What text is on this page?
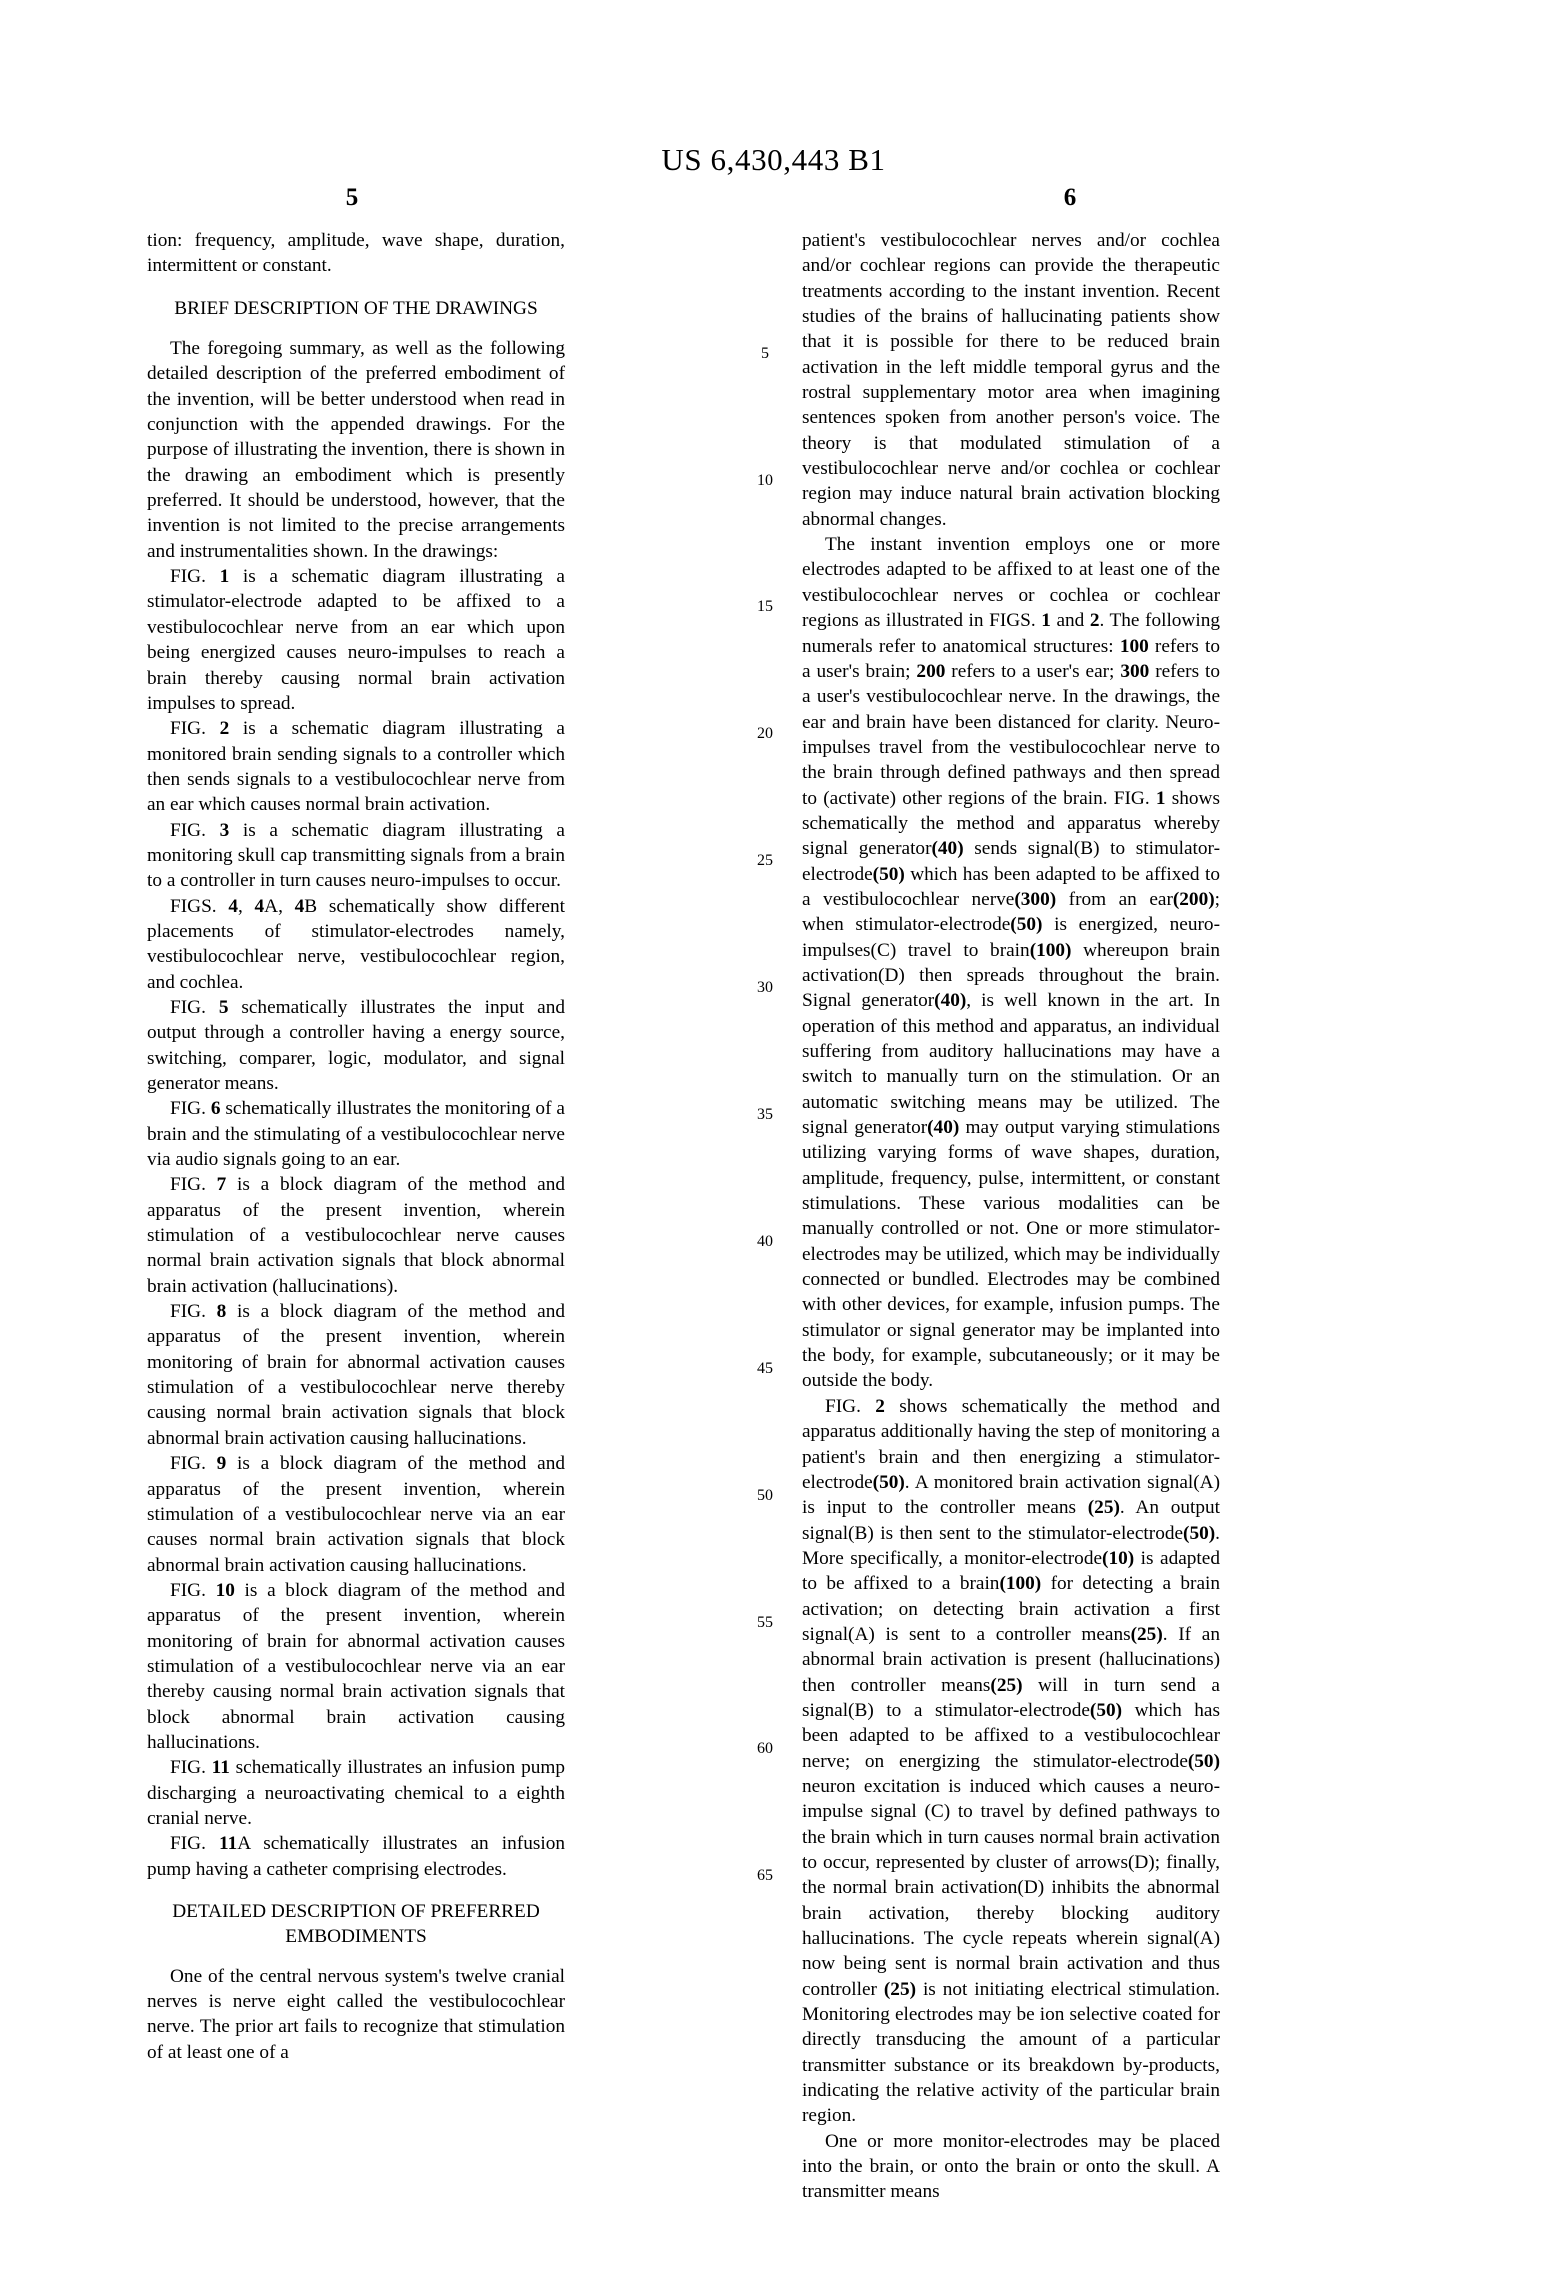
US 6,430,443 B1
5	6
5
10
15
20
25
30
35
40
45
50
55
60
65

tion: frequency, amplitude, wave shape, duration, intermittent or constant.

BRIEF DESCRIPTION OF THE DRAWINGS

The foregoing summary, as well as the following detailed description of the preferred embodiment of the invention, will be better understood when read in conjunction with the appended drawings. For the purpose of illustrating the invention, there is shown in the drawing an embodiment which is presently preferred. It should be understood, however, that the invention is not limited to the precise arrangements and instrumentalities shown. In the drawings:

FIG. 1 is a schematic diagram illustrating a stimulator-electrode adapted to be affixed to a vestibulocochlear nerve from an ear which upon being energized causes neuro-impulses to reach a brain thereby causing normal brain activation impulses to spread.

FIG. 2 is a schematic diagram illustrating a monitored brain sending signals to a controller which then sends signals to a vestibulocochlear nerve from an ear which causes normal brain activation.

FIG. 3 is a schematic diagram illustrating a monitoring skull cap transmitting signals from a brain to a controller in turn causes neuro-impulses to occur.

FIGS. 4, 4A, 4B schematically show different placements of stimulator-electrodes namely, vestibulocochlear nerve, vestibulocochlear region, and cochlea.

FIG. 5 schematically illustrates the input and output through a controller having a energy source, switching, comparer, logic, modulator, and signal generator means.

FIG. 6 schematically illustrates the monitoring of a brain and the stimulating of a vestibulocochlear nerve via audio signals going to an ear.

FIG. 7 is a block diagram of the method and apparatus of the present invention, wherein stimulation of a vestibulocochlear nerve causes normal brain activation signals that block abnormal brain activation (hallucinations).

FIG. 8 is a block diagram of the method and apparatus of the present invention, wherein monitoring of brain for abnormal activation causes stimulation of a vestibulocochlear nerve thereby causing normal brain activation signals that block abnormal brain activation causing hallucinations.

FIG. 9 is a block diagram of the method and apparatus of the present invention, wherein stimulation of a vestibulocochlear nerve via an ear causes normal brain activation signals that block abnormal brain activation causing hallucinations.

FIG. 10 is a block diagram of the method and apparatus of the present invention, wherein monitoring of brain for abnormal activation causes stimulation of a vestibulocochlear nerve via an ear thereby causing normal brain activation signals that block abnormal brain activation causing hallucinations.

FIG. 11 schematically illustrates an infusion pump discharging a neuroactivating chemical to a eighth cranial nerve.

FIG. 11A schematically illustrates an infusion pump having a catheter comprising electrodes.

DETAILED DESCRIPTION OF PREFERRED
EMBODIMENTS

One of the central nervous system's twelve cranial nerves is nerve eight called the vestibulocochlear nerve. The prior art fails to recognize that stimulation of at least one of a

patient's vestibulocochlear nerves and/or cochlea and/or cochlear regions can provide the therapeutic treatments according to the instant invention. Recent studies of the brains of hallucinating patients show that it is possible for there to be reduced brain activation in the left middle temporal gyrus and the rostral supplementary motor area when imagining sentences spoken from another person's voice. The theory is that modulated stimulation of a vestibulocochlear nerve and/or cochlea or cochlear region may induce natural brain activation blocking abnormal changes.

The instant invention employs one or more electrodes adapted to be affixed to at least one of the vestibulocochlear nerves or cochlea or cochlear regions as illustrated in FIGS. 1 and 2. The following numerals refer to anatomical structures: 100 refers to a user's brain; 200 refers to a user's ear; 300 refers to a user's vestibulocochlear nerve. In the drawings, the ear and brain have been distanced for clarity. Neuro-impulses travel from the vestibulocochlear nerve to the brain through defined pathways and then spread to (activate) other regions of the brain. FIG. 1 shows schematically the method and apparatus whereby signal generator(40) sends signal(B) to stimulator-electrode(50) which has been adapted to be affixed to a vestibulocochlear nerve(300) from an ear(200); when stimulator-electrode(50) is energized, neuro-impulses(C) travel to brain(100) whereupon brain activation(D) then spreads throughout the brain. Signal generator(40), is well known in the art. In operation of this method and apparatus, an individual suffering from auditory hallucinations may have a switch to manually turn on the stimulation. Or an automatic switching means may be utilized. The signal generator(40) may output varying stimulations utilizing varying forms of wave shapes, duration, amplitude, frequency, pulse, intermittent, or constant stimulations. These various modalities can be manually controlled or not. One or more stimulator-electrodes may be utilized, which may be individually connected or bundled. Electrodes may be combined with other devices, for example, infusion pumps. The stimulator or signal generator may be implanted into the body, for example, subcutaneously; or it may be outside the body.

FIG. 2 shows schematically the method and apparatus additionally having the step of monitoring a patient's brain and then energizing a stimulator-electrode(50). A monitored brain activation signal(A) is input to the controller means (25). An output signal(B) is then sent to the stimulator-electrode(50). More specifically, a monitor-electrode(10) is adapted to be affixed to a brain(100) for detecting a brain activation; on detecting brain activation a first signal(A) is sent to a controller means(25). If an abnormal brain activation is present (hallucinations) then controller means(25) will in turn send a signal(B) to a stimulator-electrode(50) which has been adapted to be affixed to a vestibulocochlear nerve; on energizing the stimulator-electrode(50) neuron excitation is induced which causes a neuro-impulse signal (C) to travel by defined pathways to the brain which in turn causes normal brain activation to occur, represented by cluster of arrows(D); finally, the normal brain activation(D) inhibits the abnormal brain activation, thereby blocking auditory hallucinations. The cycle repeats wherein signal(A) now being sent is normal brain activation and thus controller (25) is not initiating electrical stimulation. Monitoring electrodes may be ion selective coated for directly transducing the amount of a particular transmitter substance or its breakdown by-products, indicating the relative activity of the particular brain region.

One or more monitor-electrodes may be placed into the brain, or onto the brain or onto the skull. A transmitter means
